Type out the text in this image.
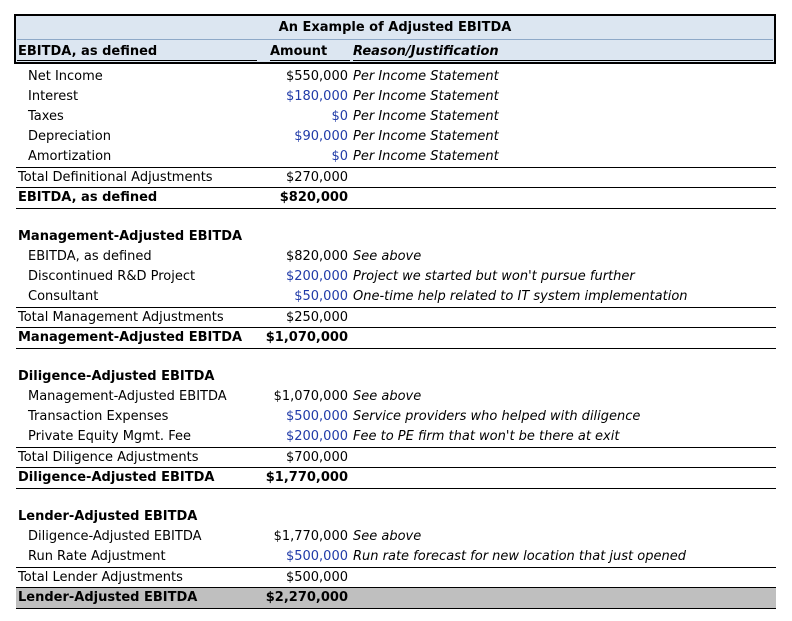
An Example of Adjusted EBITDA
EBITDA, as defined	Amount Reason/Justification
Net Income	$550,000 Per Income Statement
Interest	$180,000 Per Income Statement
Taxes	$0 Per Income Statement
Depreciation	$90,000 Per Income Statement
Amortization	$0 Per Income Statement
Total Definitional Adjustments	$270,000
EBITDA, as defined	$820,000
Management-Adjusted EBITDA
EBITDA, as defined	$820,000 See above
Discontinued R&D Project	$200,000 Project we started but won't pursue further
Consultant	$50,000 One-time help related to IT system implementation
Total Management Adjustments	$250,000
Management-Adjusted EBITDA	$1,070,000
Diligence-Adjusted EBITDA
Management-Adjusted EBITDA	$1,070,000 See above
Transaction Expenses	$500,000 Service providers who helped with diligence
Private Equity Mgmt. Fee	$200,000 Fee to PE firm that won't be there at exit
Total Diligence Adjustments	$700,000
Diligence-Adjusted EBITDA	$1,770,000
Lender-Adjusted EBITDA
Diligence-Adjusted EBITDA	$1,770,000 See above
Run Rate Adjustment	$500,000 Run rate forecast for new location that just opened
Total Lender Adjustments	$500,000
Lender-Adjusted EBITDA	$2,270,000
